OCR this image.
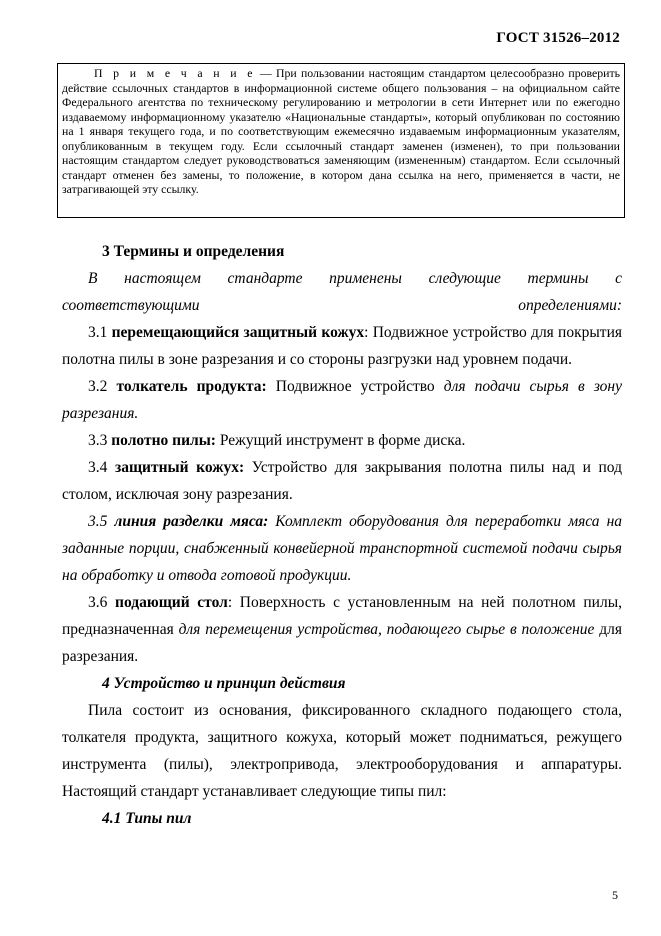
ГОСТ 31526–2012

П р и м е ч а н и е — При пользовании настоящим стандартом целесообразно проверить действие ссылочных стандартов в информационной системе общего пользования – на официальном сайте Федерального агентства по техническому регулированию и метрологии в сети Интернет или по ежегодно издаваемому информационному указателю «Национальные стандарты», который опубликован по состоянию на 1 января текущего года, и по соответствующим ежемесячно издаваемым информационным указателям, опубликованным в текущем году. Если ссылочный стандарт заменен (изменен), то при пользовании настоящим стандартом следует руководствоваться заменяющим (измененным) стандартом. Если ссылочный стандарт отменен без замены, то положение, в котором дана ссылка на него, применяется в части, не затрагивающей эту ссылку.

3 Термины и определения

В настоящем стандарте применены следующие термины с соответствующими определениями:

3.1 перемещающийся защитный кожух: Подвижное устройство для покрытия полотна пилы в зоне разрезания и со стороны разгрузки над уровнем подачи.

3.2 толкатель продукта: Подвижное устройство для подачи сырья в зону разрезания.

3.3 полотно пилы: Режущий инструмент в форме диска.

3.4 защитный кожух: Устройство для закрывания полотна пилы над и под столом, исключая зону разрезания.

3.5 линия разделки мяса: Комплект оборудования для переработки мяса на заданные порции, снабженный конвейерной транспортной системой подачи сырья на обработку и отвода готовой продукции.

3.6 подающий стол: Поверхность с установленным на ней полотном пилы, предназначенная для перемещения устройства, подающего сырье в положение для разрезания.

4 Устройство и принцип действия

Пила состоит из основания, фиксированного складного подающего стола, толкателя продукта, защитного кожуха, который может подниматься, режущего инструмента (пилы), электропривода, электрооборудования и аппаратуры. Настоящий стандарт устанавливает следующие типы пил:

4.1 Типы пил

5
